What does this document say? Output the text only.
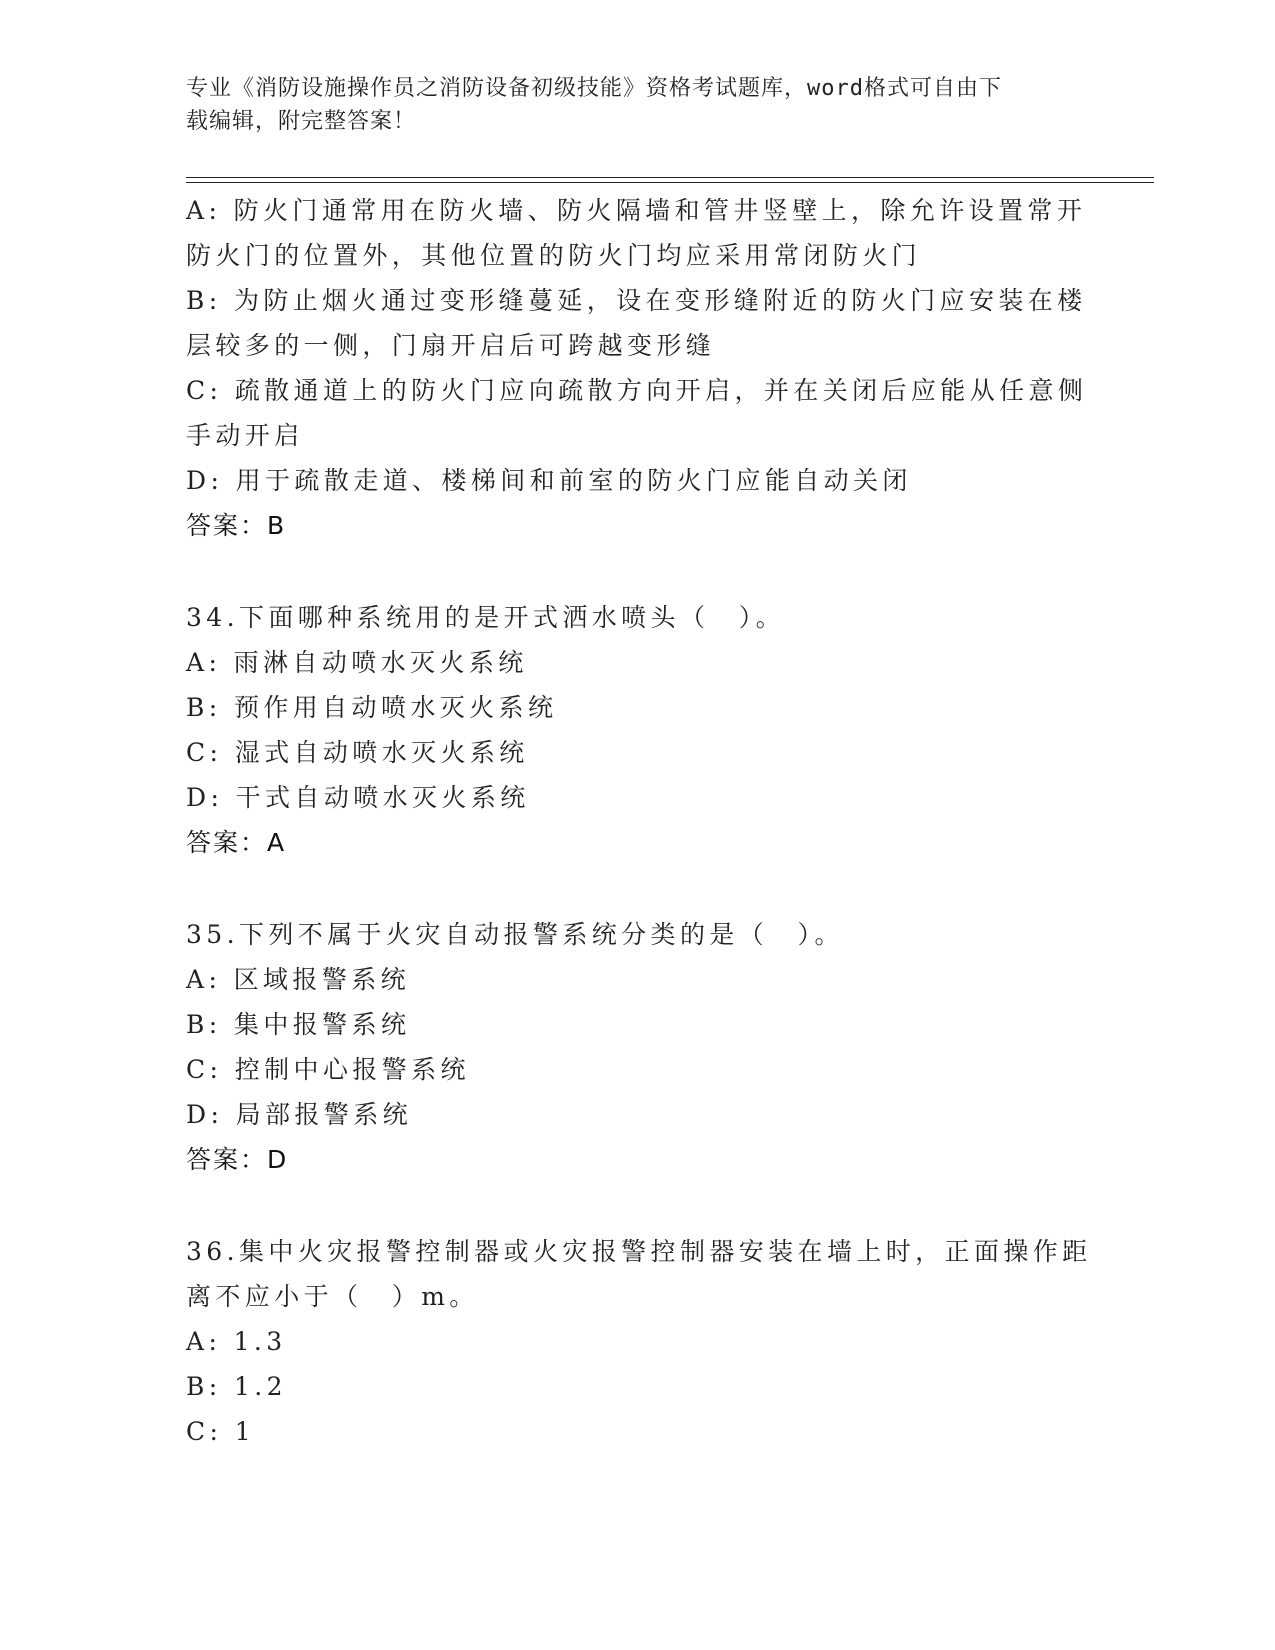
专业《消防设施操作员之消防设备初级技能》资格考试题库，word格式可自由下
载编辑，附完整答案！
A: 防火门通常用在防火墙、防火隔墙和管井竖壁上，除允许设置常开
防火门的位置外，其他位置的防火门均应采用常闭防火门
B: 为防止烟火通过变形缝蔓延，设在变形缝附近的防火门应安装在楼
层较多的一侧，门扇开启后可跨越变形缝
C: 疏散通道上的防火门应向疏散方向开启，并在关闭后应能从任意侧
手动开启
D: 用于疏散走道、楼梯间和前室的防火门应能自动关闭
答案：B
34.下面哪种系统用的是开式洒水喷头（　）。
A: 雨淋自动喷水灭火系统
B: 预作用自动喷水灭火系统
C: 湿式自动喷水灭火系统
D: 干式自动喷水灭火系统
答案：A
35.下列不属于火灾自动报警系统分类的是（　）。
A: 区域报警系统
B: 集中报警系统
C: 控制中心报警系统
D: 局部报警系统
答案：D
36.集中火灾报警控制器或火灾报警控制器安装在墙上时，正面操作距
离不应小于（　）m。
A: 1.3
B: 1.2
C: 1
